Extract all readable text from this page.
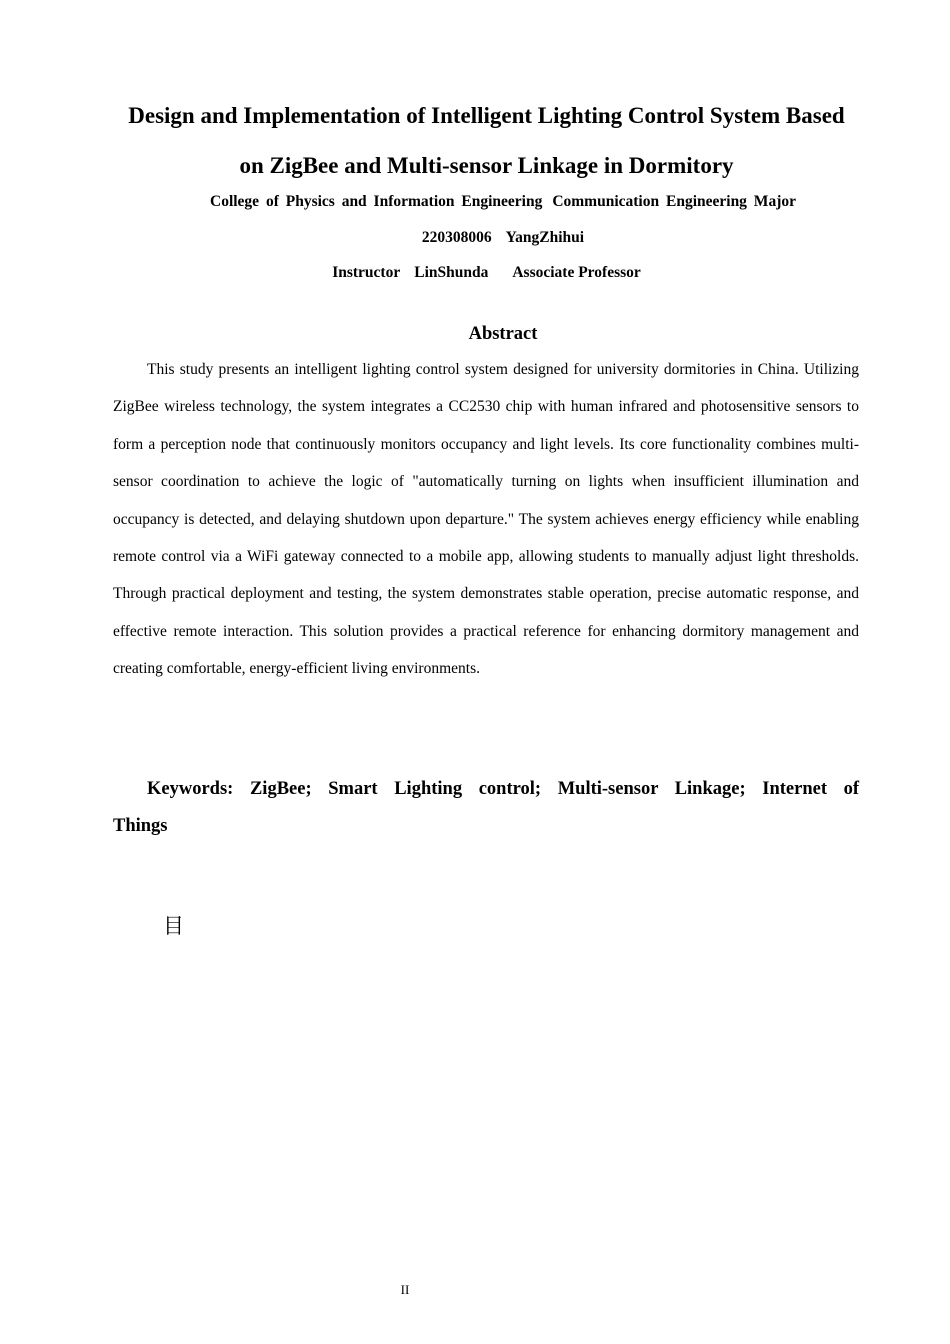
Design and Implementation of Intelligent Lighting Control System Based
on ZigBee and Multi-sensor Linkage in Dormitory
College of Physics and Information Engineering Communication Engineering Major
220308006 YangZhihui
Instructor LinShunda Associate Professor
Abstract

This study presents an intelligent lighting control system designed for university dormitories in China. Utilizing ZigBee wireless technology, the system integrates a CC2530 chip with human infrared and photosensitive sensors to form a perception node that continuously monitors occupancy and light levels. Its core functionality combines multi-sensor coordination to achieve the logic of "automatically turning on lights when insufficient illumination and occupancy is detected, and delaying shutdown upon departure." The system achieves energy efficiency while enabling remote control via a WiFi gateway connected to a mobile app, allowing students to manually adjust light thresholds. Through practical deployment and testing, the system demonstrates stable operation, precise automatic response, and effective remote interaction. This solution provides a practical reference for enhancing dormitory management and creating comfortable, energy-efficient living environments.

Keywords: ZigBee; Smart Lighting control; Multi-sensor Linkage; Internet of Things
目
II
